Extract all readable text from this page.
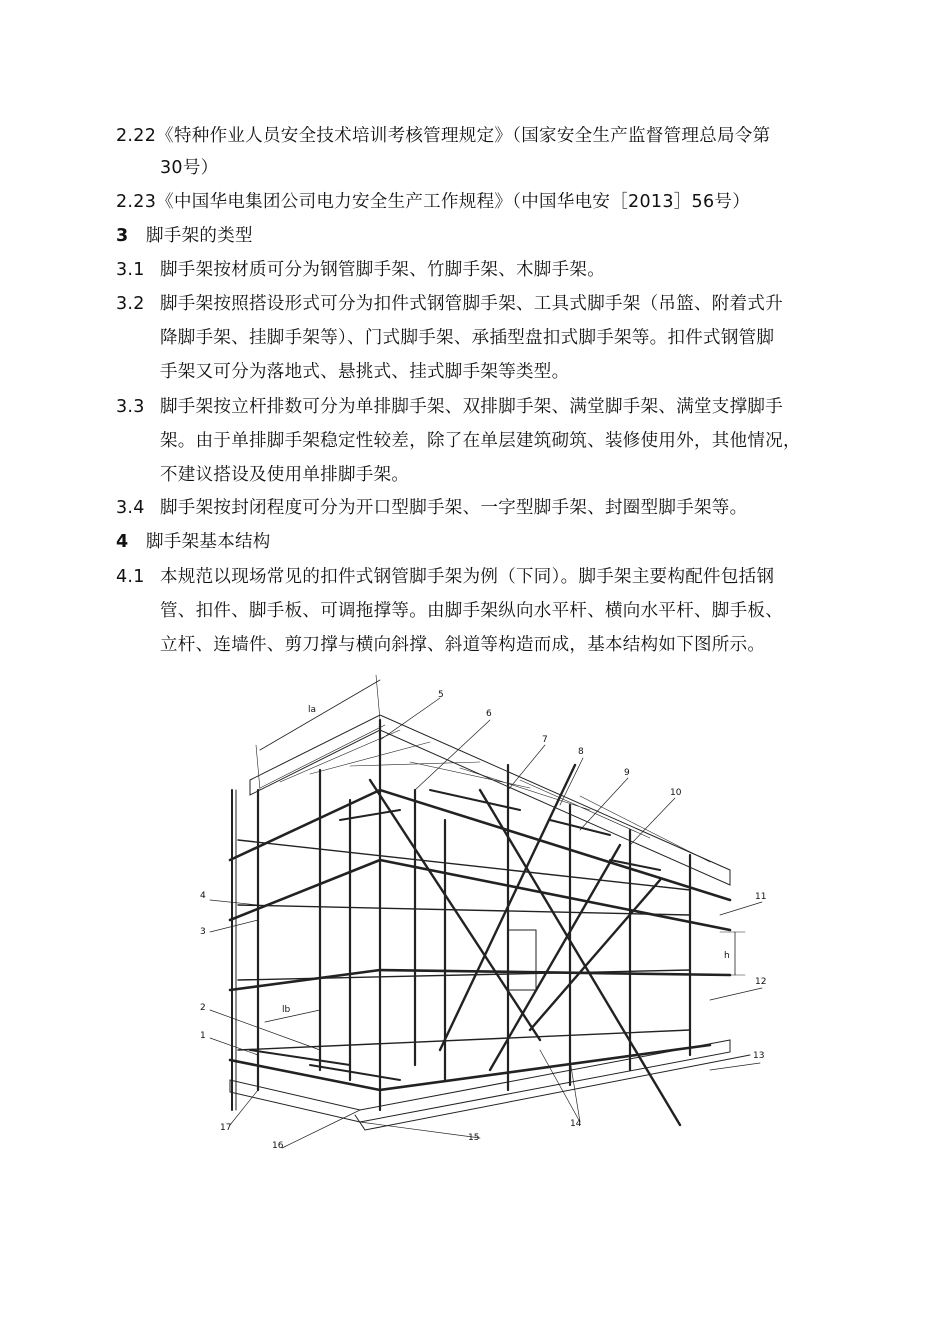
2.22《特种作业人员安全技术培训考核管理规定》（国家安全生产监督管理总局令第
30号）
2.23《中国华电集团公司电力安全生产工作规程》（中国华电安［2013］56号）
3 脚手架的类型
3.1 脚手架按材质可分为钢管脚手架、竹脚手架、木脚手架。
3.2 脚手架按照搭设形式可分为扣件式钢管脚手架、工具式脚手架（吊篮、附着式升
降脚手架、挂脚手架等）、门式脚手架、承插型盘扣式脚手架等。扣件式钢管脚
手架又可分为落地式、悬挑式、挂式脚手架等类型。
3.3 脚手架按立杆排数可分为单排脚手架、双排脚手架、满堂脚手架、满堂支撑脚手
架。由于单排脚手架稳定性较差，除了在单层建筑砌筑、装修使用外，其他情况，
不建议搭设及使用单排脚手架。
3.4 脚手架按封闭程度可分为开口型脚手架、一字型脚手架、封圈型脚手架等。
4 脚手架基本结构
4.1 本规范以现场常见的扣件式钢管脚手架为例（下同）。脚手架主要构配件包括钢
管、扣件、脚手板、可调拖撑等。由脚手架纵向水平杆、横向水平杆、脚手板、
立杆、连墙件、剪刀撑与横向斜撑、斜道等构造而成，基本结构如下图所示。
1
2
3
4
5
6
7
8
9
10
11
12
13
14
15
16
17
la
lb
h
